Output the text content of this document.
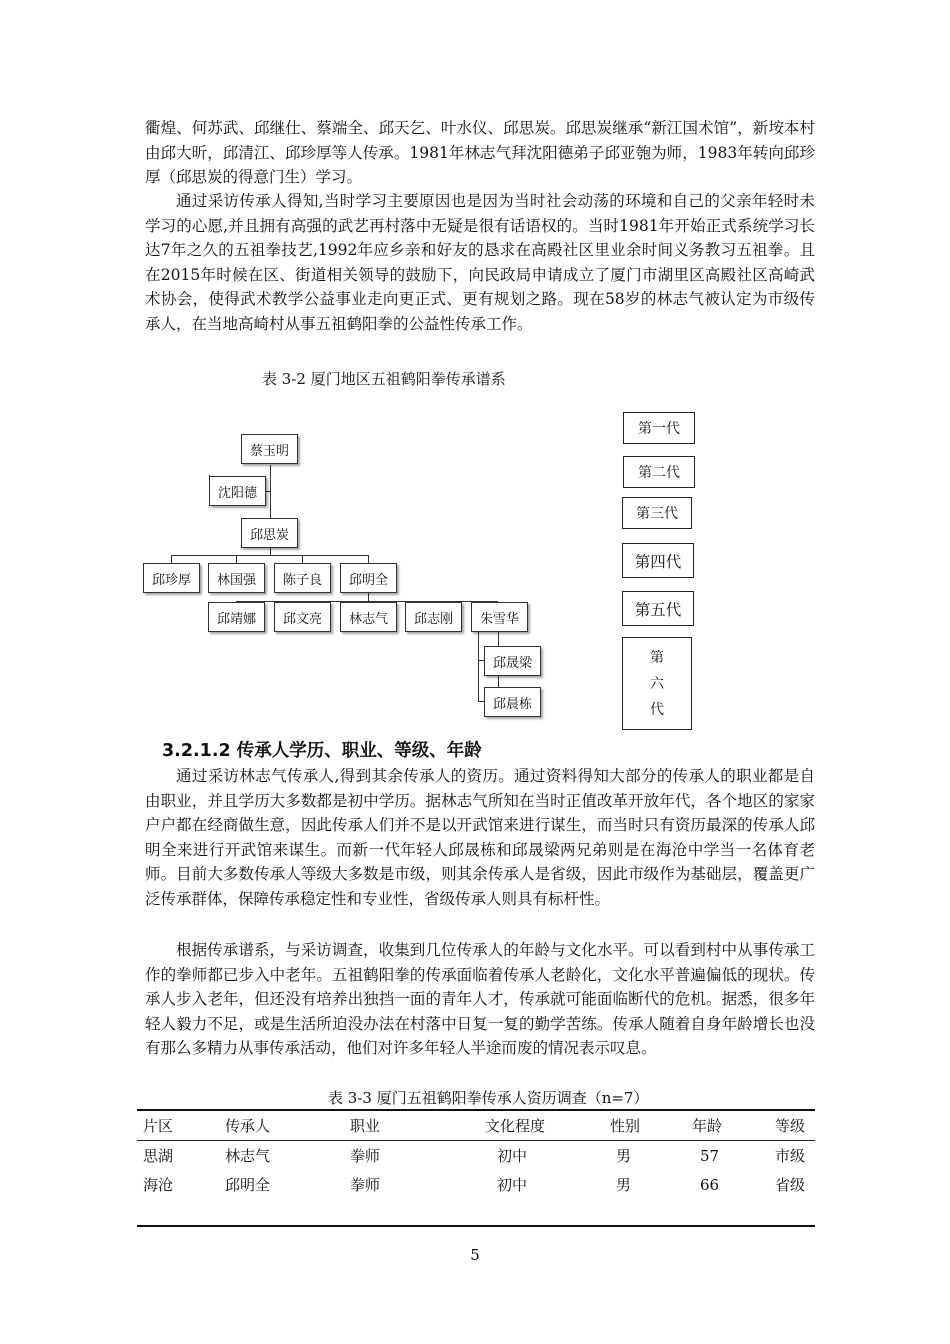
衢煌、何苏武、邱继仕、蔡端全、邱天乞、叶水仪、邱思炭。邱思炭继承“新江国术馆”，新垵本村由邱大昕，邱清江、邱珍厚等人传承。1981年林志气拜沈阳德弟子邱亚匏为师，1983年转向邱珍厚（邱思炭的得意门生）学习。

通过采访传承人得知,当时学习主要原因也是因为当时社会动荡的环境和自己的父亲年轻时未学习的心愿,并且拥有高强的武艺再村落中无疑是很有话语权的。当时1981年开始正式系统学习长达7年之久的五祖拳技艺,1992年应乡亲和好友的恳求在高殿社区里业余时间义务教习五祖拳。且在2015年时候在区、街道相关领导的鼓励下，向民政局申请成立了厦门市湖里区高殿社区高崎武术协会，使得武术教学公益事业走向更正式、更有规划之路。现在58岁的林志气被认定为市级传承人，在当地高崎村从事五祖鹤阳拳的公益性传承工作。

表 3-2 厦门地区五祖鹤阳拳传承谱系
蔡玉明
沈阳德
邱思炭
邱珍厚	林国强	陈子良	邱明全
邱靖娜	邱文亮	林志气	邱志刚	朱雪华
邱晟梁
邱晨栋
第一代
第二代
第三代
第四代
第五代
第
六
代
3.2.1.2 传承人学历、职业、等级、年龄

通过采访林志气传承人,得到其余传承人的资历。通过资料得知大部分的传承人的职业都是自由职业，并且学历大多数都是初中学历。据林志气所知在当时正值改革开放年代，各个地区的家家户户都在经商做生意，因此传承人们并不是以开武馆来进行谋生，而当时只有资历最深的传承人邱明全来进行开武馆来谋生。而新一代年轻人邱晟栋和邱晟梁两兄弟则是在海沧中学当一名体育老师。目前大多数传承人等级大多数是市级，则其余传承人是省级，因此市级作为基础层，覆盖更广泛传承群体，保障传承稳定性和专业性，省级传承人则具有标杆性。

根据传承谱系，与采访调查，收集到几位传承人的年龄与文化水平。可以看到村中从事传承工作的拳师都已步入中老年。五祖鹤阳拳的传承面临着传承人老龄化，文化水平普遍偏低的现状。传承人步入老年，但还没有培养出独挡一面的青年人才，传承就可能面临断代的危机。据悉，很多年轻人毅力不足，或是生活所迫没办法在村落中日复一复的勤学苦练。传承人随着自身年龄增长也没有那么多精力从事传承活动，他们对许多年轻人半途而废的情况表示叹息。

表 3-3 厦门五祖鹤阳拳传承人资历调查（n=7）
片区	传承人	职业	文化程度	性别	年龄	等级
思湖	林志气	拳师	初中	男	57	市级
海沧	邱明全	拳师	初中	男	66	省级
5
